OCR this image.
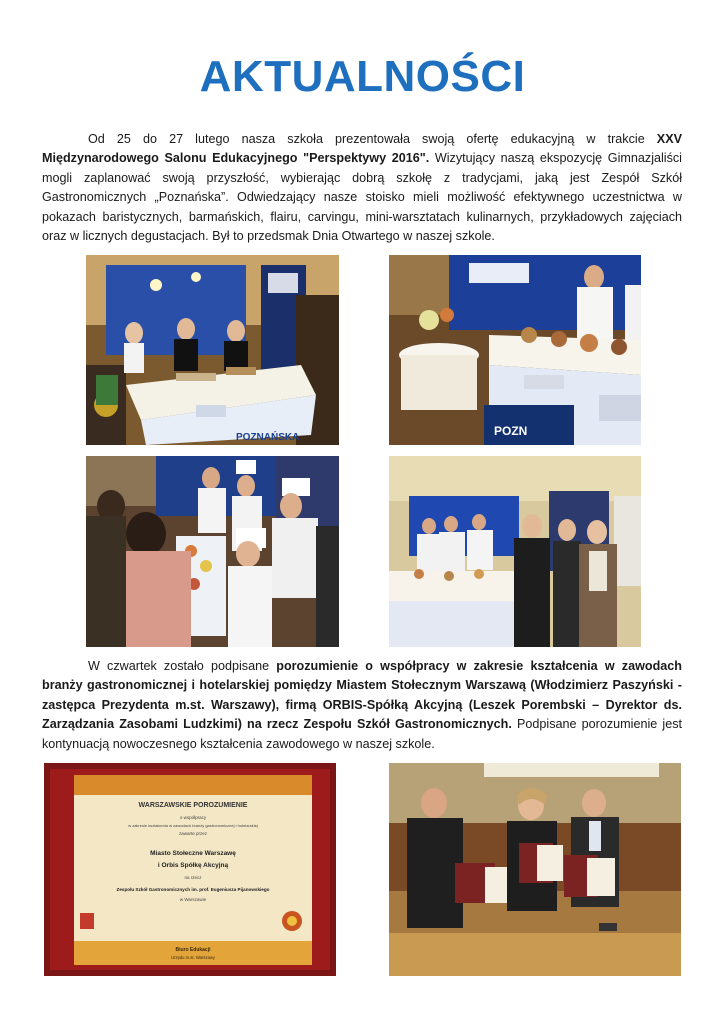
AKTUALNOŚCI

Od 25 do 27 lutego nasza szkoła prezentowała swoją ofertę edukacyjną w trakcie XXV Międzynarodowego Salonu Edukacyjnego "Perspektywy 2016". Wizytujący naszą ekspozycję Gimnazjaliści mogli zaplanować swoją przyszłość, wybierając dobrą szkołę z tradycjami, jaką jest Zespół Szkół Gastronomicznych „Poznańska”. Odwiedzający nasze stoisko mieli możliwość efektywnego uczestnictwa w pokazach baristycznych, barmańskich, flairu, carvingu, mini-warsztatach kulinarnych, przykładowych zajęciach oraz w licznych degustacjach. Był to przedsmak Dnia Otwartego w naszej szkole.

POZNAŃSKA	POZN

W czwartek zostało podpisane porozumienie o współpracy w zakresie kształcenia w zawodach branży gastronomicznej i hotelarskiej pomiędzy Miastem Stołecznym Warszawą (Włodzimierz Paszyński - zastępca Prezydenta m.st. Warszawy), firmą ORBIS-Spółką Akcyjną (Leszek Porembski – Dyrektor ds. Zarządzania Zasobami Ludzkimi) na rzecz Zespołu Szkół Gastronomicznych. Podpisane porozumienie jest kontynuacją nowoczesnego kształcenia zawodowego w naszej szkole.

WARSZAWSKIE POROZUMIENIE
o współpracy
w zakresie kształcenia w zawodach branży gastronomicznej i hotelarskiej
zawarte przez
Miasto Stołeczne Warszawę
i Orbis Spółkę Akcyjną
na rzecz
Zespołu Szkół Gastronomicznych im. prof. Eugeniusza Pijanowskiego
w Warszawie
Biuro Edukacji
Urzędu m.st. Warszawy
